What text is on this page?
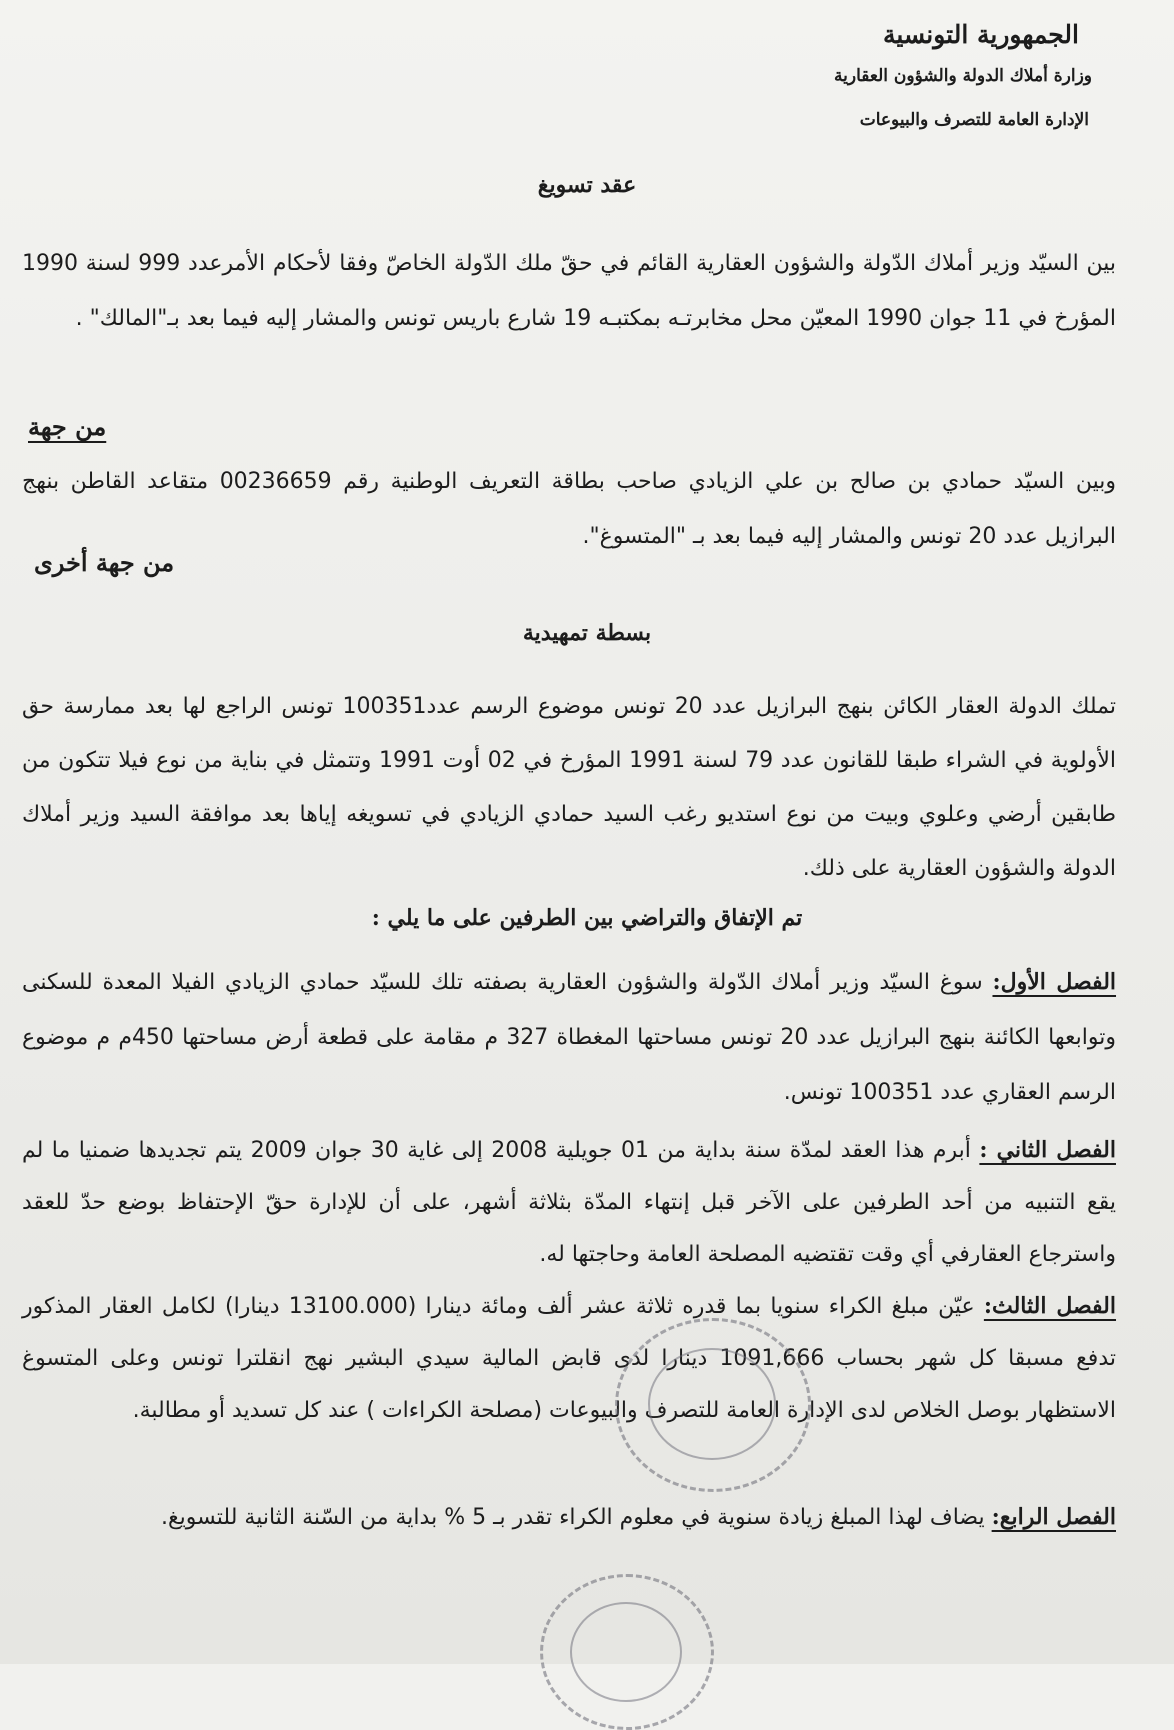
الجمهورية التونسية
وزارة أملاك الدولة والشؤون العقارية
الإدارة العامة للتصرف والبيوعات
عقد تسويغ
بين السيّد وزير أملاك الدّولة والشؤون العقارية القائم في حقّ ملك الدّولة الخاصّ وفقا لأحكام الأمرعدد 999 لسنة 1990 المؤرخ في 11 جوان 1990 المعيّن محل مخابرتـه بمكتبـه 19 شارع باريس تونس والمشار إليه فيما بعد بـ"المالك" .
من جهة
وبين السيّد حمادي بن صالح بن علي الزيادي صاحب بطاقة التعريف الوطنية رقم 00236659 متقاعد القاطن بنهج البرازيل عدد 20 تونس والمشار إليه فيما بعد بـ "المتسوغ".
من جهة أخرى
بسطة تمهيدية
تملك الدولة العقار الكائن بنهج البرازيل عدد 20 تونس موضوع الرسم عدد100351 تونس الراجع لها بعد ممارسة حق الأولوية في الشراء طبقا للقانون عدد 79 لسنة 1991 المؤرخ في 02 أوت 1991 وتتمثل في بناية من نوع فيلا تتكون من طابقين أرضي وعلوي وبيت من نوع استديو رغب السيد حمادي الزيادي في تسويغه إياها بعد موافقة السيد وزير أملاك الدولة والشؤون العقارية على ذلك.
تم الإتفاق والتراضي بين الطرفين على ما يلي :
الفصل الأول: سوغ السيّد وزير أملاك الدّولة والشؤون العقارية بصفته تلك للسيّد حمادي الزيادي الفيلا المعدة للسكنى وتوابعها الكائنة بنهج البرازيل عدد 20 تونس مساحتها المغطاة 327 م مقامة على قطعة أرض مساحتها 450م م موضوع الرسم العقاري عدد 100351 تونس.
الفصل الثاني : أبرم هذا العقد لمدّة سنة بداية من 01 جويلية 2008 إلى غاية 30 جوان 2009 يتم تجديدها ضمنيا ما لم يقع التنبيه من أحد الطرفين على الآخر قبل إنتهاء المدّة بثلاثة أشهر، على أن للإدارة حقّ الإحتفاظ بوضع حدّ للعقد واسترجاع العقارفي أي وقت تقتضيه المصلحة العامة وحاجتها له.
الفصل الثالث: عيّن مبلغ الكراء سنويا بما قدره ثلاثة عشر ألف ومائة دينارا (13100.000 دينارا) لكامل العقار المذكور تدفع مسبقا كل شهر بحساب 1091,666 دينارا لدى قابض المالية سيدي البشير نهج انقلترا تونس وعلى المتسوغ الاستظهار بوصل الخلاص لدى الإدارة العامة للتصرف والبيوعات (مصلحة الكراءات ) عند كل تسديد أو مطالبة.
الفصل الرابع: يضاف لهذا المبلغ زيادة سنوية في معلوم الكراء تقدر بـ 5 % بداية من السّنة الثانية للتسويغ.
